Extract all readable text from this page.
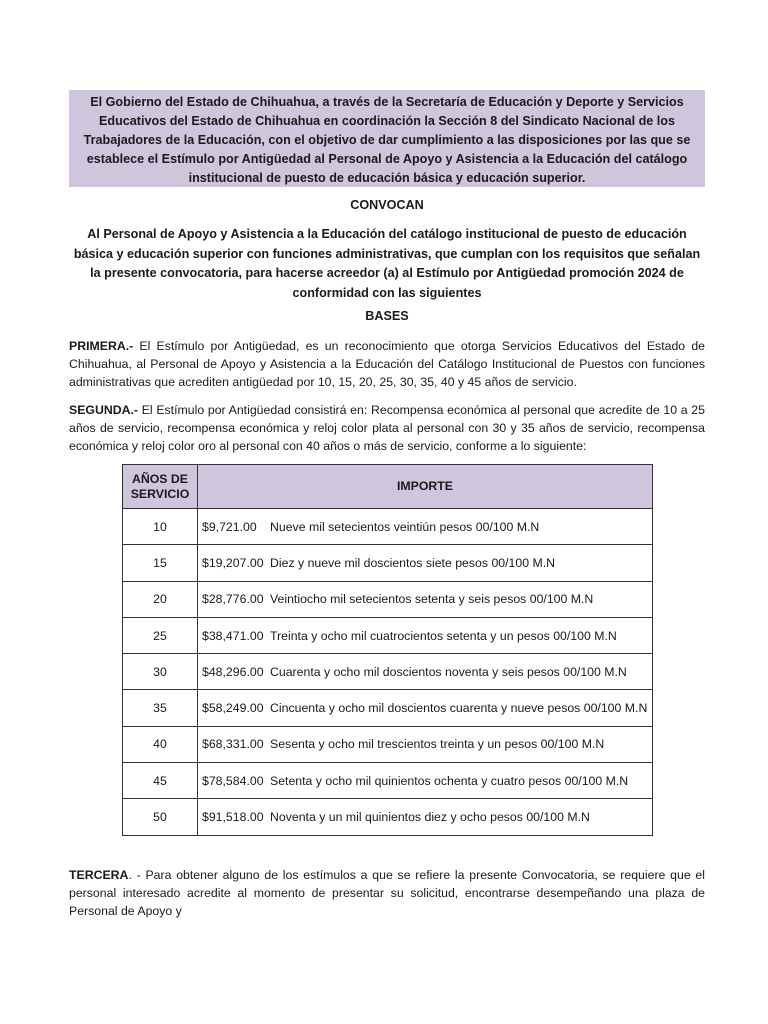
El Gobierno del Estado de Chihuahua, a través de la Secretaría de Educación y Deporte y Servicios Educativos del Estado de Chihuahua en coordinación la Sección 8 del Sindicato Nacional de los Trabajadores de la Educación, con el objetivo de dar cumplimiento a las disposiciones por las que se establece el Estímulo por Antigüedad al Personal de Apoyo y Asistencia a la Educación del catálogo institucional de puesto de educación básica y educación superior.
CONVOCAN
Al Personal de Apoyo y Asistencia a la Educación del catálogo institucional de puesto de educación básica y educación superior con funciones administrativas, que cumplan con los requisitos que señalan la presente convocatoria, para hacerse acreedor (a) al Estímulo por Antigüedad promoción 2024 de conformidad con las siguientes
BASES
PRIMERA.- El Estímulo por Antigüedad, es un reconocimiento que otorga Servicios Educativos del Estado de Chihuahua, al Personal de Apoyo y Asistencia a la Educación del Catálogo Institucional de Puestos con funciones administrativas que acrediten antigüedad por 10, 15, 20, 25, 30, 35, 40 y 45 años de servicio.
SEGUNDA.- El Estímulo por Antigüedad consistirá en: Recompensa económica al personal que acredite de 10 a 25 años de servicio, recompensa económica y reloj color plata al personal con 30 y 35 años de servicio, recompensa económica y reloj color oro al personal con 40 años o más de servicio, conforme a lo siguiente:
AÑOS DE SERVICIO	IMPORTE
10	$9,721.00 Nueve mil setecientos veintiún pesos 00/100 M.N
15	$19,207.00 Diez y nueve mil doscientos siete pesos 00/100 M.N
20	$28,776.00 Veintiocho mil setecientos setenta y seis pesos 00/100 M.N
25	$38,471.00 Treinta y ocho mil cuatrocientos setenta y un pesos 00/100 M.N
30	$48,296.00 Cuarenta y ocho mil doscientos noventa y seis pesos 00/100 M.N
35	$58,249.00 Cincuenta y ocho mil doscientos cuarenta y nueve pesos 00/100 M.N
40	$68,331.00 Sesenta y ocho mil trescientos treinta y un pesos 00/100 M.N
45	$78,584.00 Setenta y ocho mil quinientos ochenta y cuatro pesos 00/100 M.N
50	$91,518.00 Noventa y un mil quinientos diez y ocho pesos 00/100 M.N
TERCERA. - Para obtener alguno de los estímulos a que se refiere la presente Convocatoria, se requiere que el personal interesado acredite al momento de presentar su solicitud, encontrarse desempeñando una plaza de Personal de Apoyo y
